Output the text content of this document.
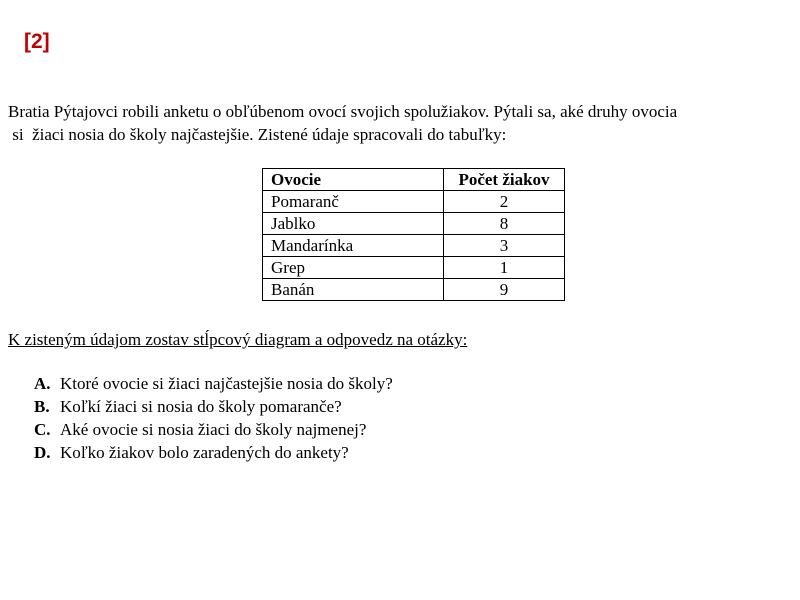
[2]

Bratia Pýtajovci robili anketu o obľúbenom ovocí svojich spolužiakov. Pýtali sa, aké druhy ovocia

si  žiaci nosia do školy najčastejšie. Zistené údaje spracovali do tabuľky:

Ovocie	Počet žiakov
Pomaranč	2
Jablko	8
Mandarínka	3
Grep	1
Banán	9
K zisteným údajom zostav stĺpcový diagram a odpovedz na otázky:
A. Ktoré ovocie si žiaci najčastejšie nosia do školy?
B. Koľkí žiaci si nosia do školy pomaranče?
C. Aké ovocie si nosia žiaci do školy najmenej?
D. Koľko žiakov bolo zaradených do ankety?
